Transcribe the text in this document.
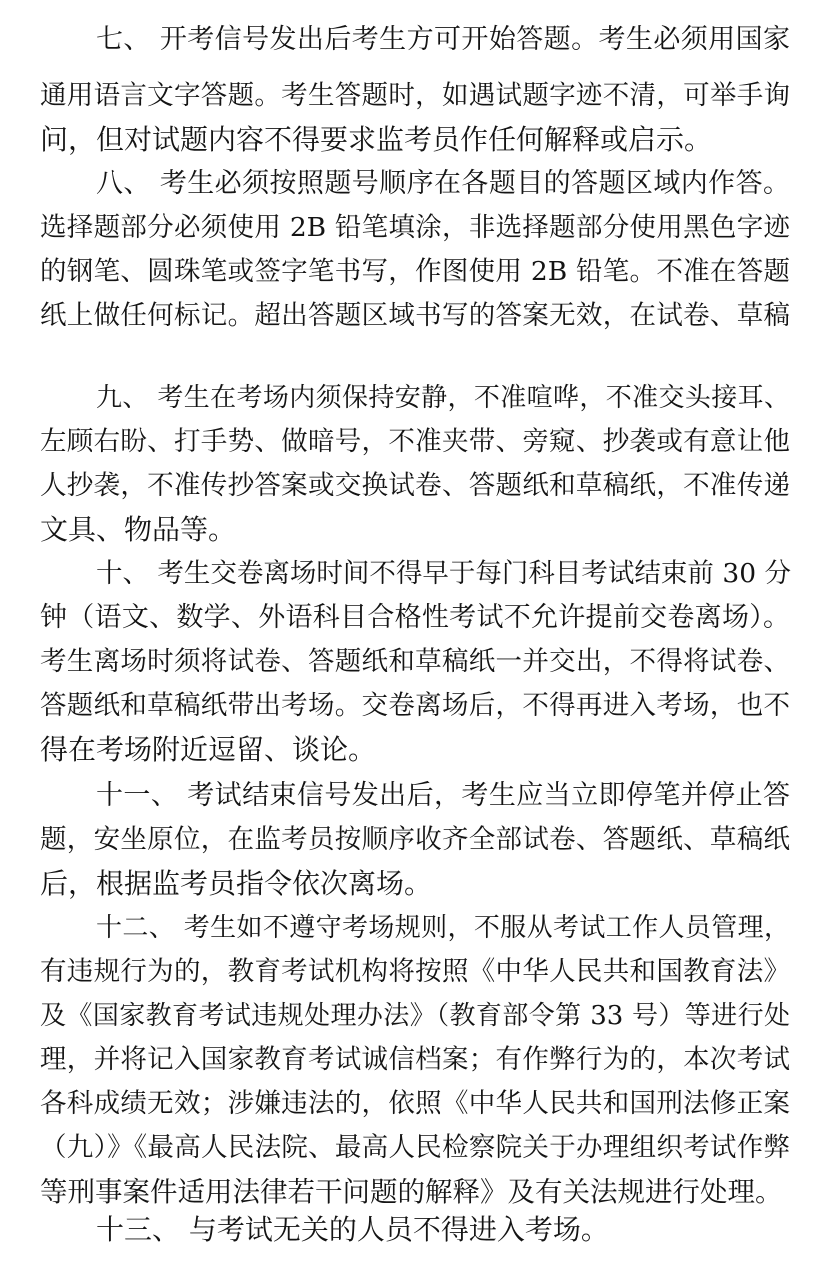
七、 开考信号发出后考生方可开始答题。考生必须用国家
通用语言文字答题。考生答题时，如遇试题字迹不清，可举手询
问，但对试题内容不得要求监考员作任何解释或启示。
八、 考生必须按照题号顺序在各题目的答题区域内作答。
选择题部分必须使用 2B 铅笔填涂，非选择题部分使用黑色字迹
的钢笔、圆珠笔或签字笔书写，作图使用 2B 铅笔。不准在答题
纸上做任何标记。超出答题区域书写的答案无效，在试卷、草稿
九、 考生在考场内须保持安静，不准喧哗，不准交头接耳、
左顾右盼、打手势、做暗号，不准夹带、旁窥、抄袭或有意让他
人抄袭，不准传抄答案或交换试卷、答题纸和草稿纸，不准传递
文具、物品等。
十、 考生交卷离场时间不得早于每门科目考试结束前 30 分
钟（语文、数学、外语科目合格性考试不允许提前交卷离场）。
考生离场时须将试卷、答题纸和草稿纸一并交出，不得将试卷、
答题纸和草稿纸带出考场。交卷离场后，不得再进入考场，也不
得在考场附近逗留、谈论。
十一、 考试结束信号发出后，考生应当立即停笔并停止答
题，安坐原位，在监考员按顺序收齐全部试卷、答题纸、草稿纸
后，根据监考员指令依次离场。
十二、 考生如不遵守考场规则，不服从考试工作人员管理，
有违规行为的，教育考试机构将按照《中华人民共和国教育法》
及《国家教育考试违规处理办法》（教育部令第 33 号）等进行处
理，并将记入国家教育考试诚信档案；有作弊行为的，本次考试
各科成绩无效；涉嫌违法的，依照《中华人民共和国刑法修正案
（九）》《最高人民法院、最高人民检察院关于办理组织考试作弊
等刑事案件适用法律若干问题的解释》及有关法规进行处理。
十三、 与考试无关的人员不得进入考场。
